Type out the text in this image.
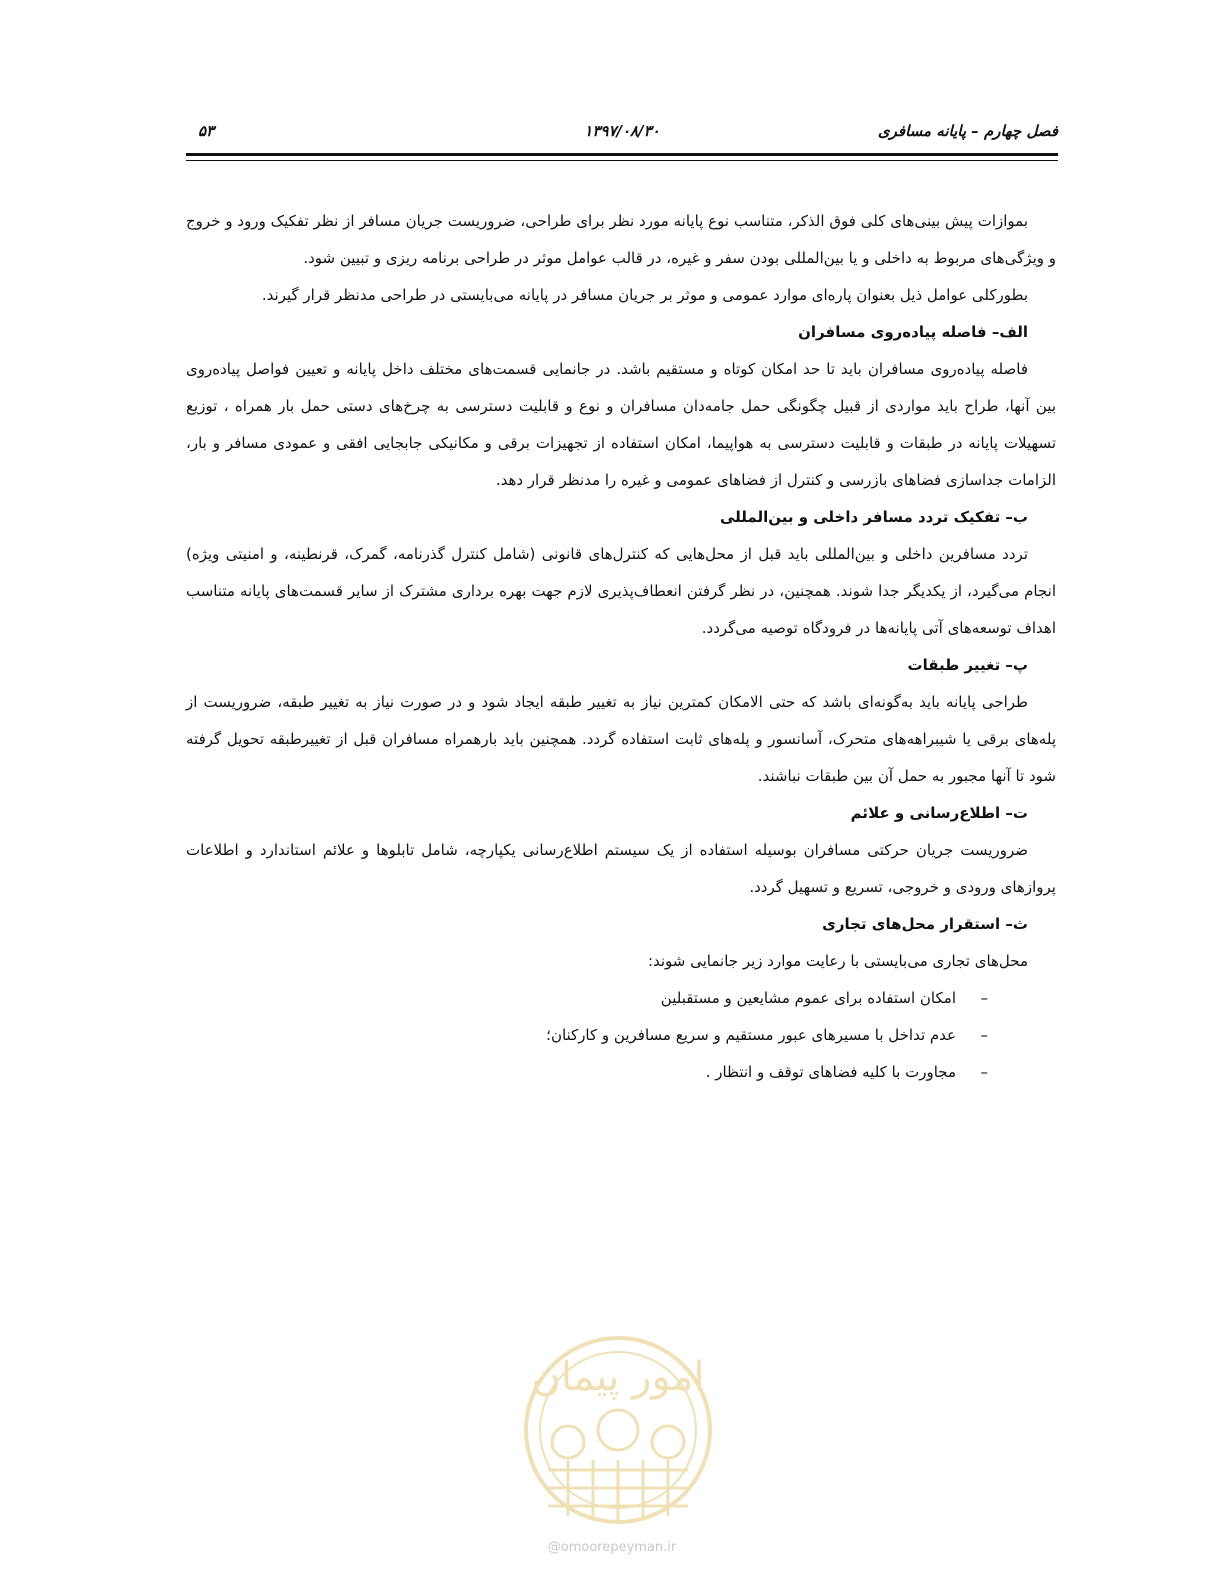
فصل چهارم – پایانه مسافری
۱۳۹۷/۰۸/۳۰
۵۳

بموازات پیش بینی‌های کلی فوق الذکر، متناسب نوع پایانه مورد نظر برای طراحی، ضروریست جریان مسافر از نظر تفکیک ورود و خروج و ویژگی‌های مربوط به داخلی و یا بین‌المللی بودن سفر و غیره، در قالب عوامل موثر در طراحی برنامه ریزی و تبیین شود.

بطورکلی عوامل ذیل بعنوان پاره‌ای موارد عمومی و موثر بر جریان مسافر در پایانه می‌بایستی در طراحی مدنظر قرار گیرند.

الف– فاصله پیاده‌روی مسافران

فاصله پیاده‌روی مسافران باید تا حد امکان کوتاه و مستقیم باشد. در جانمایی قسمت‌های مختلف داخل پایانه و تعیین فواصل پیاده‌روی بین آنها، طراح باید مواردی از قبیل چگونگی حمل جامه‌دان مسافران و نوع و قابلیت دسترسی به چرخ‌های دستی حمل بار همراه ، توزیع تسهیلات پایانه در طبقات و قابلیت دسترسی به هواپیما، امکان استفاده از تجهیزات برقی و مکانیکی جابجایی افقی و عمودی مسافر و بار، الزامات جداسازی فضاهای بازرسی و کنترل از فضاهای عمومی و غیره را مدنظر قرار دهد.

ب– تفکیک تردد مسافر داخلی و بین‌المللی

تردد مسافرین داخلی و بین‌المللی باید قبل از محل‌هایی که کنترل‌های قانونی (شامل کنترل گذرنامه، گمرک، قرنطینه، و امنیتی ویژه) انجام می‌گیرد، از یکدیگر جدا شوند. همچنین، در نظر گرفتن انعطاف‌پذیری لازم جهت بهره برداری مشترک از سایر قسمت‌های پایانه متناسب اهداف توسعه‌های آتی پایانه‌ها در فرودگاه توصیه می‌گردد.

پ– تغییر طبقات

طراحی پایانه باید به‌گونه‌ای باشد که حتی الامکان کمترین نیاز به تغییر طبقه ایجاد شود و در صورت نیاز به تغییر طبقه، ضروریست از پله‌های برقی یا شیبراهه‌های متحرک، آسانسور و پله‌های ثابت استفاده گردد. همچنین باید بارهمراه مسافران قبل از تغییرطبقه تحویل گرفته شود تا آنها مجبور به حمل آن بین طبقات نباشند.

ت– اطلاع‌رسانی و علائم

ضروریست جریان حرکتی مسافران بوسیله استفاده از یک سیستم اطلاع‌رسانی یکپارچه، شامل تابلوها و علائم استاندارد و اطلاعات پروازهای ورودی و خروجی، تسریع و تسهیل گردد.

ث– استقرار محل‌های تجاری

محل‌های تجاری می‌بایستی با رعایت موارد زیر جانمایی شوند:

–
امکان استفاده برای عموم مشایعین و مستقبلین
–
عدم تداخل با مسیرهای عبور مستقیم و سریع مسافرین و کارکنان؛
–
مجاورت با کلیه فضاهای توقف و انتظار .
امور پیمان
@omoorepeyman.ir
